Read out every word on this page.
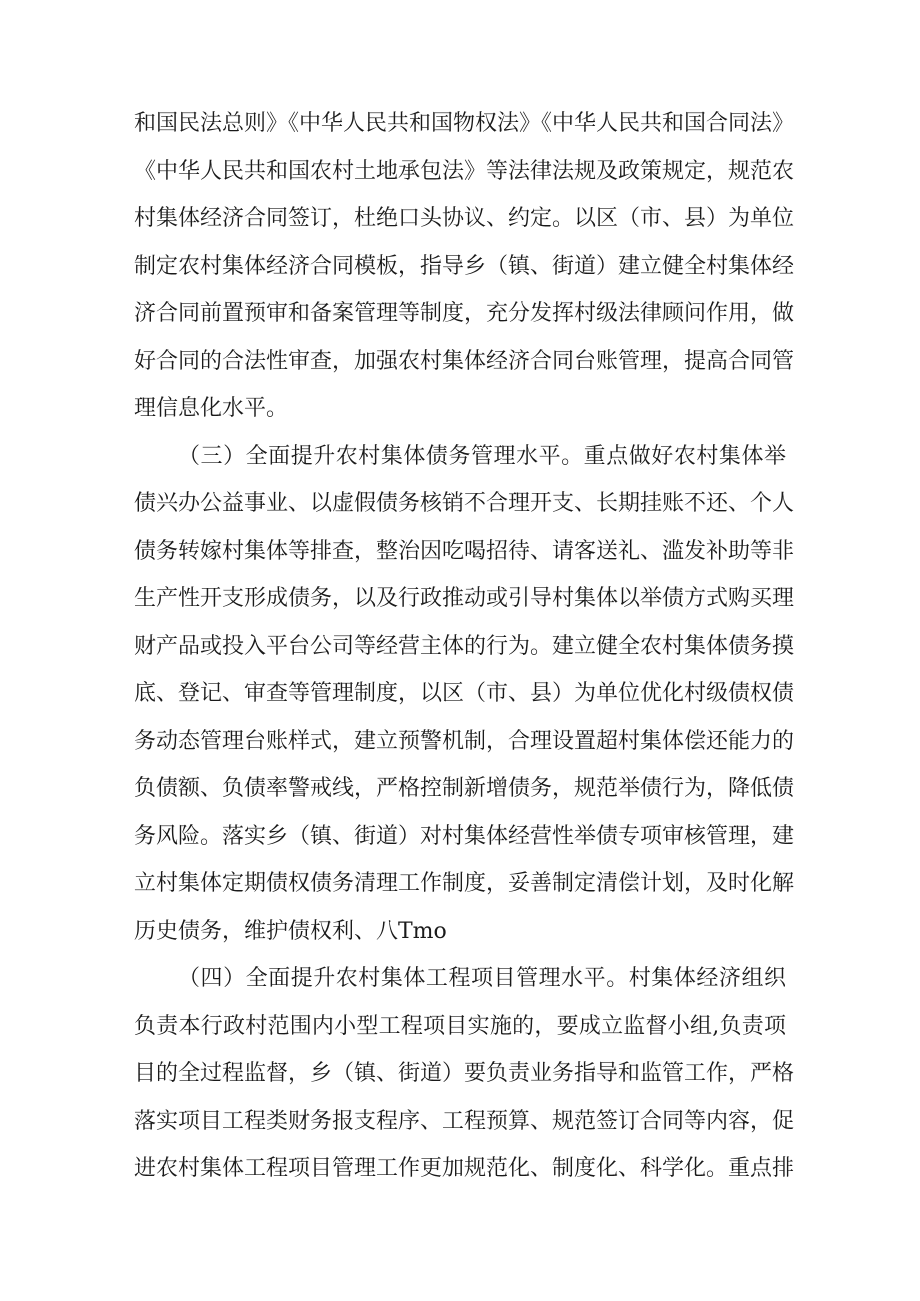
和国民法总则》《中华人民共和国物权法》《中华人民共和国合同法》
《中华人民共和国农村土地承包法》等法律法规及政策规定，规范农
村集体经济合同签订，杜绝口头协议、约定。以区（市、县）为单位
制定农村集体经济合同模板，指导乡（镇、街道）建立健全村集体经
济合同前置预审和备案管理等制度，充分发挥村级法律顾问作用，做
好合同的合法性审查，加强农村集体经济合同台账管理，提高合同管
理信息化水平。
（三）全面提升农村集体债务管理水平。重点做好农村集体举
债兴办公益事业、以虚假债务核销不合理开支、长期挂账不还、个人
债务转嫁村集体等排查，整治因吃喝招待、请客送礼、滥发补助等非
生产性开支形成债务，以及行政推动或引导村集体以举债方式购买理
财产品或投入平台公司等经营主体的行为。建立健全农村集体债务摸
底、登记、审查等管理制度，以区（市、县）为单位优化村级债权债
务动态管理台账样式，建立预警机制，合理设置超村集体偿还能力的
负债额、负债率警戒线，严格控制新增债务，规范举债行为，降低债
务风险。落实乡（镇、街道）对村集体经营性举债专项审核管理，建
立村集体定期债权债务清理工作制度，妥善制定清偿计划，及时化解
历史债务，维护债权利、八Tmo
（四）全面提升农村集体工程项目管理水平。村集体经济组织
负责本行政村范围内小型工程项目实施的，要成立监督小组,负责项
目的全过程监督，乡（镇、街道）要负责业务指导和监管工作，严格
落实项目工程类财务报支程序、工程预算、规范签订合同等内容，促
进农村集体工程项目管理工作更加规范化、制度化、科学化。重点排
